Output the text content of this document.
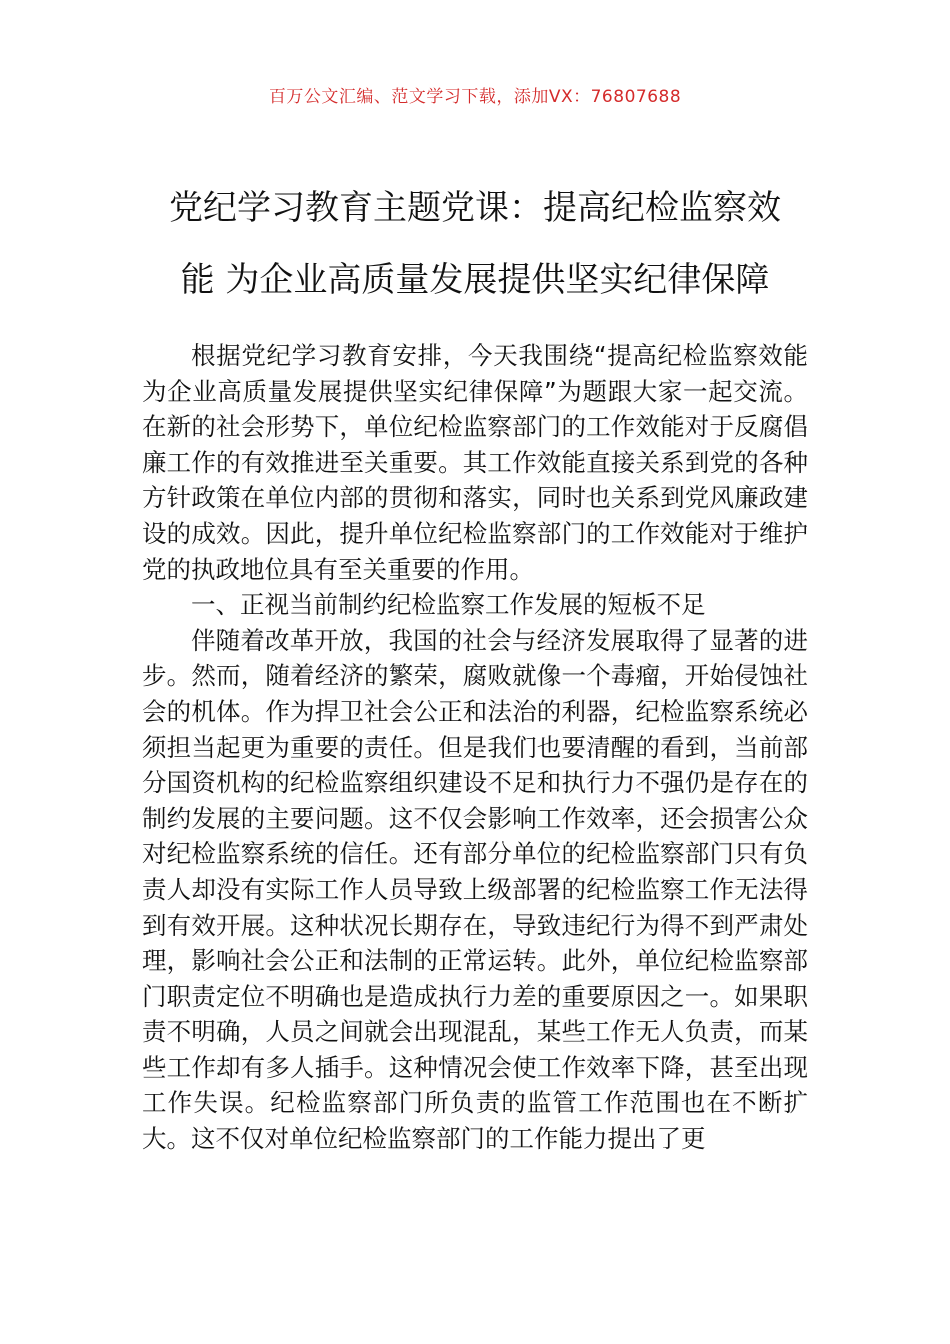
百万公文汇编、范文学习下载，添加VX：76807688
党纪学习教育主题党课：提高纪检监察效
能 为企业高质量发展提供坚实纪律保障

根据党纪学习教育安排，今天我围绕“提高纪检监察效能 为企业高质量发展提供坚实纪律保障”为题跟大家一起交流。在新的社会形势下，单位纪检监察部门的工作效能对于反腐倡廉工作的有效推进至关重要。其工作效能直接关系到党的各种方针政策在单位内部的贯彻和落实，同时也关系到党风廉政建设的成效。因此，提升单位纪检监察部门的工作效能对于维护党的执政地位具有至关重要的作用。

一、正视当前制约纪检监察工作发展的短板不足

伴随着改革开放，我国的社会与经济发展取得了显著的进步。然而，随着经济的繁荣，腐败就像一个毒瘤，开始侵蚀社会的机体。作为捍卫社会公正和法治的利器，纪检监察系统必须担当起更为重要的责任。但是我们也要清醒的看到，当前部分国资机构的纪检监察组织建设不足和执行力不强仍是存在的制约发展的主要问题。这不仅会影响工作效率，还会损害公众对纪检监察系统的信任。还有部分单位的纪检监察部门只有负责人却没有实际工作人员导致上级部署的纪检监察工作无法得到有效开展。这种状况长期存在，导致违纪行为得不到严肃处理，影响社会公正和法制的正常运转。此外，单位纪检监察部门职责定位不明确也是造成执行力差的重要原因之一。如果职责不明确，人员之间就会出现混乱，某些工作无人负责，而某些工作却有多人插手。这种情况会使工作效率下降，甚至出现工作失误。纪检监察部门所负责的监管工作范围也在不断扩大。这不仅对单位纪检监察部门的工作能力提出了更
